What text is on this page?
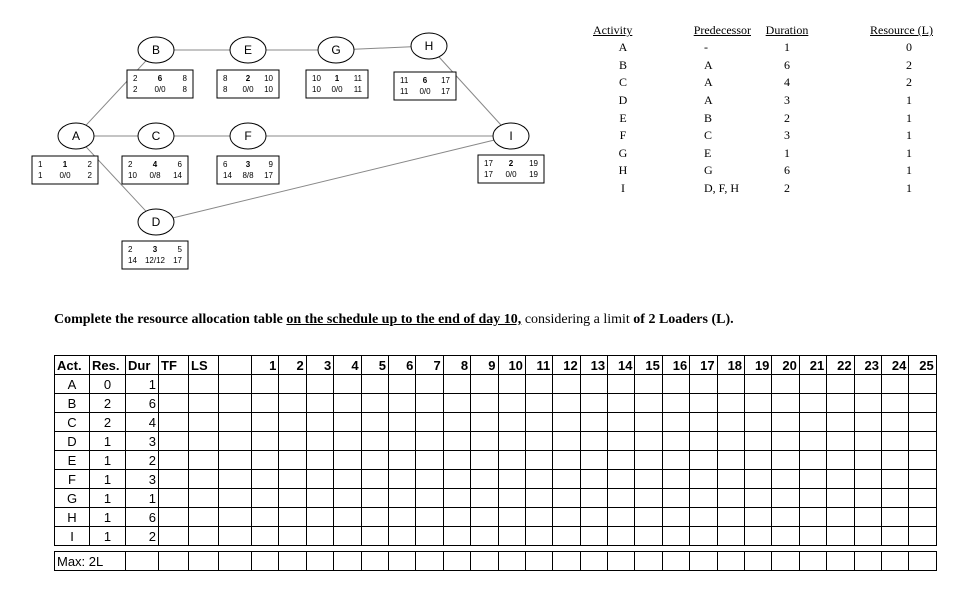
A
1	1	2
1 0/0 2
B
2	6	8
2 0/0 8
C
2	4	6
10 0/8 14
D
2	3	5
14 12/12 17
E
8 2 10
8 0/0 10
F
6 3 9
14 8/8 17
G
10 1 11
10 0/0 11
H
11 6 17
11 0/0 17
I
17 2 19
17 0/0 19
Activity	Predecessor	Duration	Resource (L)
A	-	1	0
B	A	6	2
C	A	4	2
D	A	3	1
E	B	2	1
F	C	3	1
G	E	1	1
H	G	6	1
I	D, F, H	2	1
Complete the resource allocation table on the schedule up to the end of day 10, considering a limit of 2 Loaders (L).
Act.	Res.	Dur	TF	LS		1	2	3	4	5	6	7	8	9	10	11	12	13	14	15	16	17	18	19	20	21	22	23	24	25
A	0	1																												
B	2	6																												
C	2	4																												
D	1	3																												
E	1	2																												
F	1	3																												
G	1	1																												
H	1	6																												
I	1	2																												

Max: 2L																														
